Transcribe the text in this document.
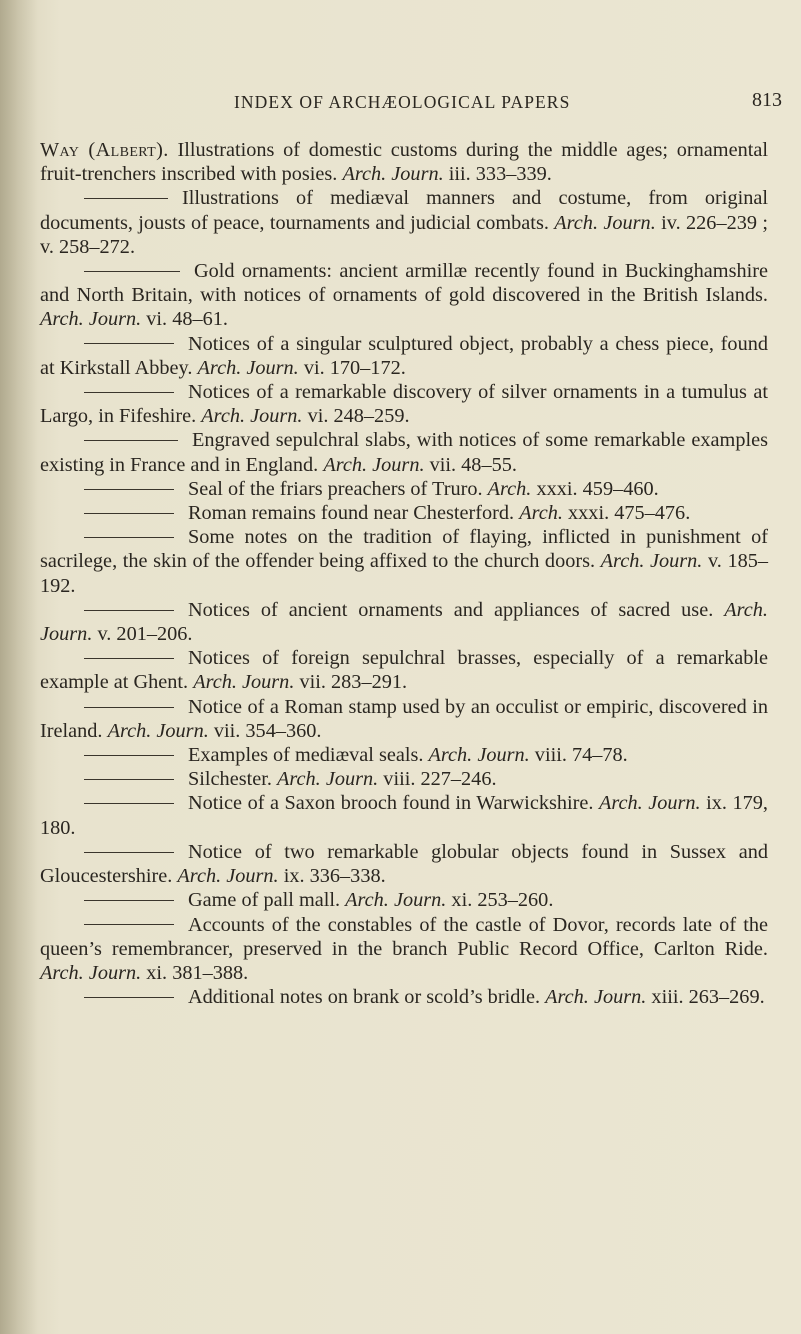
INDEX OF ARCHÆOLOGICAL PAPERS	813

Way (Albert). Illustrations of domestic customs during the middle ages; ornamental fruit-trenchers inscribed with posies. Arch. Journ. iii. 333–339.

Illustrations of mediæval manners and costume, from original documents, jousts of peace, tournaments and judicial combats. Arch. Journ. iv. 226–239 ; v. 258–272.

Gold ornaments: ancient armillæ recently found in Buckinghamshire and North Britain, with notices of ornaments of gold discovered in the British Islands. Arch. Journ. vi. 48–61.

Notices of a singular sculptured object, probably a chess piece, found at Kirkstall Abbey. Arch. Journ. vi. 170–172.

Notices of a remarkable discovery of silver ornaments in a tumulus at Largo, in Fifeshire. Arch. Journ. vi. 248–259.

Engraved sepulchral slabs, with notices of some remarkable examples existing in France and in England. Arch. Journ. vii. 48–55.

Seal of the friars preachers of Truro. Arch. xxxi. 459–460.

Roman remains found near Chesterford. Arch. xxxi. 475–476.

Some notes on the tradition of flaying, inflicted in punishment of sacrilege, the skin of the offender being affixed to the church doors. Arch. Journ. v. 185–192.

Notices of ancient ornaments and appliances of sacred use. Arch. Journ. v. 201–206.

Notices of foreign sepulchral brasses, especially of a remarkable example at Ghent. Arch. Journ. vii. 283–291.

Notice of a Roman stamp used by an occulist or empiric, discovered in Ireland. Arch. Journ. vii. 354–360.

Examples of mediæval seals. Arch. Journ. viii. 74–78.

Silchester. Arch. Journ. viii. 227–246.

Notice of a Saxon brooch found in Warwickshire. Arch. Journ. ix. 179, 180.

Notice of two remarkable globular objects found in Sussex and Gloucestershire. Arch. Journ. ix. 336–338.

Game of pall mall. Arch. Journ. xi. 253–260.

Accounts of the constables of the castle of Dovor, records late of the queen’s remembrancer, preserved in the branch Public Record Office, Carlton Ride. Arch. Journ. xi. 381–388.

Additional notes on brank or scold’s bridle. Arch. Journ. xiii. 263–269.
